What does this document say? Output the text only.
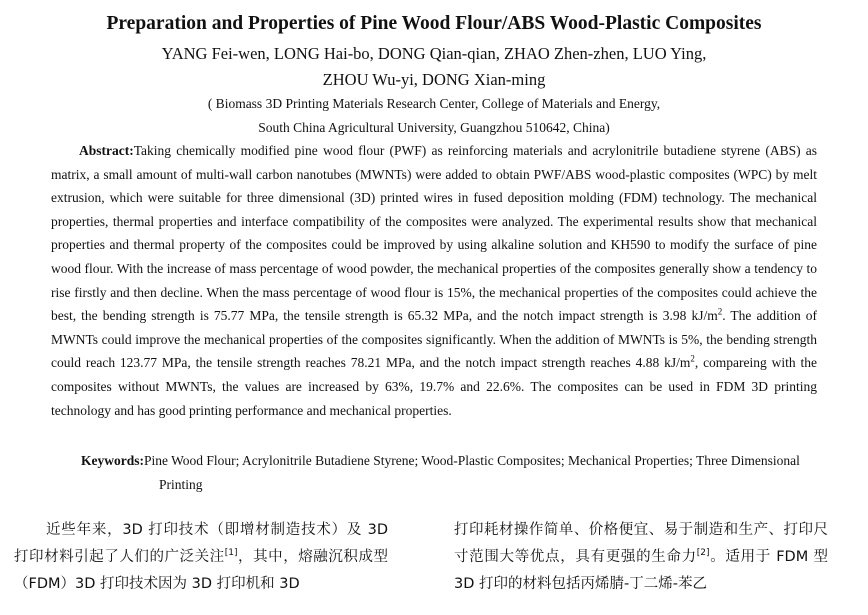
Preparation and Properties of Pine Wood Flour/ABS Wood-Plastic Composites
YANG Fei-wen, LONG Hai-bo, DONG Qian-qian, ZHAO Zhen-zhen, LUO Ying,
ZHOU Wu-yi, DONG Xian-ming
( Biomass 3D Printing Materials Research Center, College of Materials and Energy,
South China Agricultural University, Guangzhou 510642, China)

Abstract:Taking chemically modified pine wood flour (PWF) as reinforcing materials and acrylonitrile butadiene styrene (ABS) as matrix, a small amount of multi-wall carbon nanotubes (MWNTs) were added to obtain PWF/ABS wood-plastic composites (WPC) by melt extrusion, which were suitable for three dimensional (3D) printed wires in fused deposition molding (FDM) technology. The mechanical properties, thermal properties and interface compatibility of the composites were analyzed. The experimental results show that mechanical properties and thermal property of the composites could be improved by using alkaline solution and KH590 to modify the surface of pine wood flour. With the increase of mass percentage of wood powder, the mechanical properties of the composites generally show a tendency to rise firstly and then decline. When the mass percentage of wood flour is 15%, the mechanical properties of the composites could achieve the best, the bending strength is 75.77 MPa, the tensile strength is 65.32 MPa, and the notch impact strength is 3.98 $kJ/m^2$. The addition of MWNTs could improve the mechanical properties of the composites significantly. When the addition of MWNTs is 5%, the bending strength could reach 123.77 MPa, the tensile strength reaches 78.21 MPa, and the notch impact strength reaches 4.88 $kJ/m^2$, compareing with the composites without MWNTs, the values are increased by 63%, 19.7% and 22.6%. The composites can be used in FDM 3D printing technology and has good printing performance and mechanical properties.

Keywords:Pine Wood Flour; Acrylonitrile Butadiene Styrene; Wood-Plastic Composites; Mechanical Properties; Three Dimensional Printing

近些年来，3D 打印技术（即增材制造技术）及 3D 打印材料引起了人们的广泛关注[1]，其中，熔融沉积成型（FDM）3D 打印技术因为 3D 打印机和 3D

打印耗材操作简单、价格便宜、易于制造和生产、打印尺寸范围大等优点，具有更强的生命力[2]。适用于 FDM 型 3D 打印的材料包括丙烯腈-丁二烯-苯乙
